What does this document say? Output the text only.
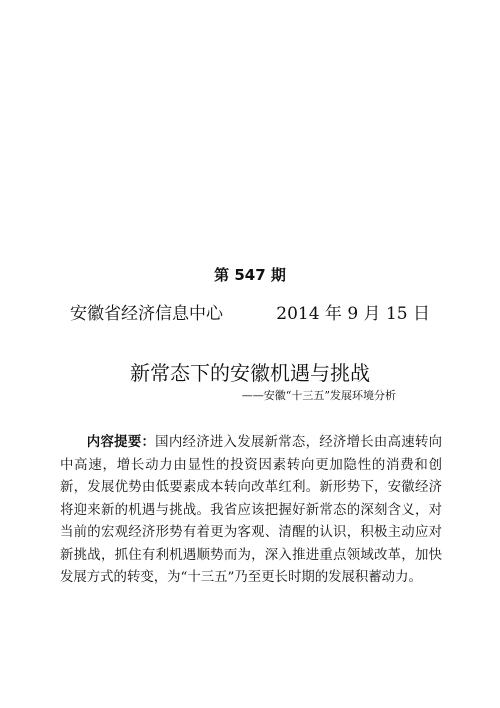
第 547 期
安徽省经济信息中心	2014 年 9 月 15 日
新常态下的安徽机遇与挑战
——安徽“十三五”发展环境分析

内容提要：国内经济进入发展新常态，经济增长由高速转向中高速，增长动力由显性的投资因素转向更加隐性的消费和创新，发展优势由低要素成本转向改革红利。新形势下，安徽经济将迎来新的机遇与挑战。我省应该把握好新常态的深刻含义，对当前的宏观经济形势有着更为客观、清醒的认识，积极主动应对新挑战，抓住有利机遇顺势而为，深入推进重点领域改革，加快发展方式的转变，为“十三五”乃至更长时期的发展积蓄动力。
